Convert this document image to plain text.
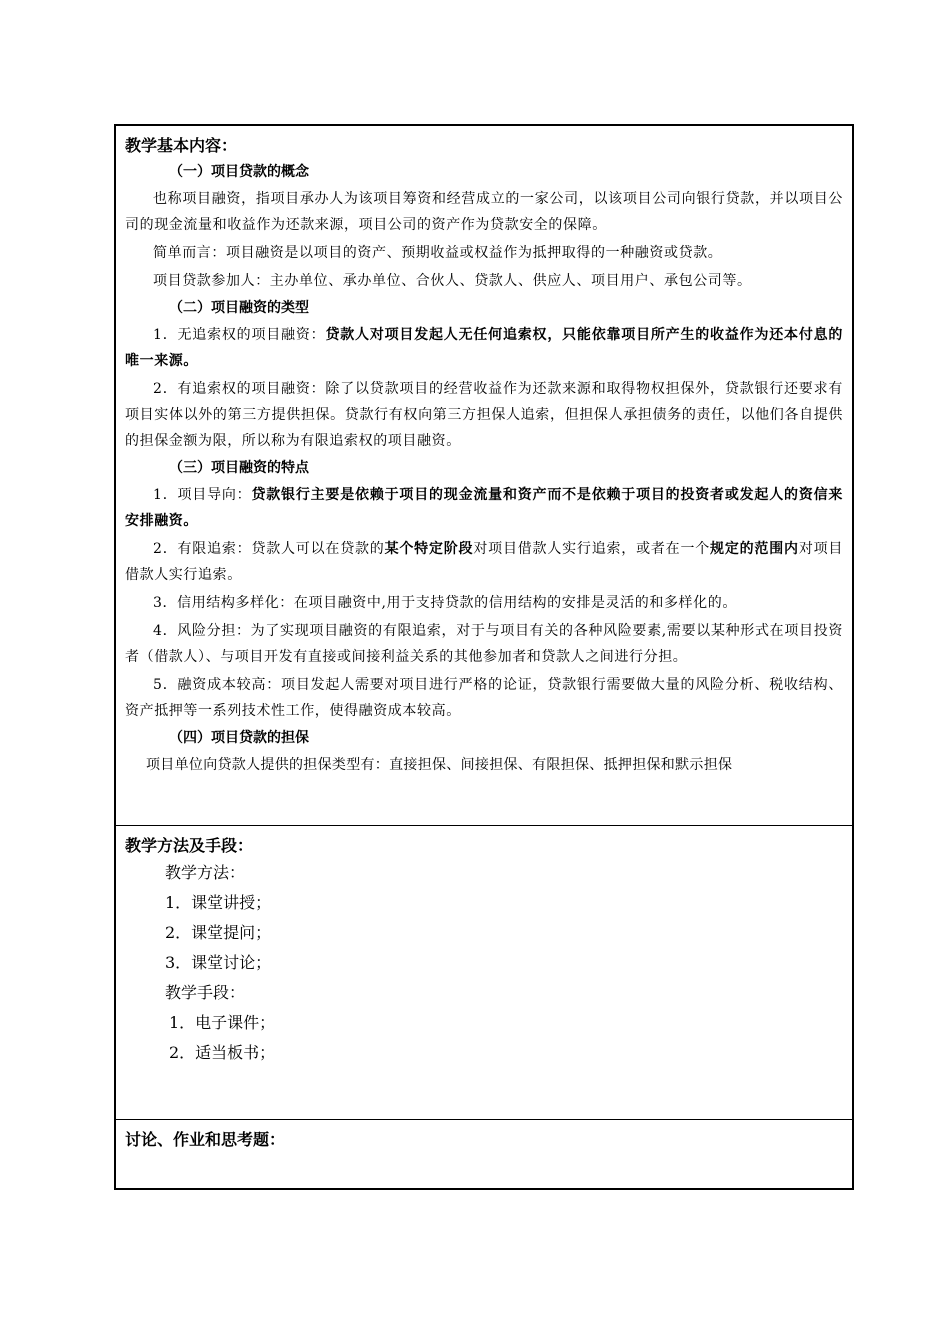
教学基本内容：
（一）项目贷款的概念

也称项目融资，指项目承办人为该项目筹资和经营成立的一家公司，以该项目公司向银行贷款，并以项目公司的现金流量和收益作为还款来源，项目公司的资产作为贷款安全的保障。

简单而言：项目融资是以项目的资产、预期收益或权益作为抵押取得的一种融资或贷款。

项目贷款参加人：主办单位、承办单位、合伙人、贷款人、供应人、项目用户、承包公司等。

（二）项目融资的类型

1．无追索权的项目融资：贷款人对项目发起人无任何追索权，只能依靠项目所产生的收益作为还本付息的唯一来源。

2．有追索权的项目融资：除了以贷款项目的经营收益作为还款来源和取得物权担保外，贷款银行还要求有项目实体以外的第三方提供担保。贷款行有权向第三方担保人追索，但担保人承担债务的责任，以他们各自提供的担保金额为限，所以称为有限追索权的项目融资。

（三）项目融资的特点

1．项目导向：贷款银行主要是依赖于项目的现金流量和资产而不是依赖于项目的投资者或发起人的资信来安排融资。

2．有限追索：贷款人可以在贷款的某个特定阶段对项目借款人实行追索，或者在一个规定的范围内对项目借款人实行追索。

3．信用结构多样化：在项目融资中,用于支持贷款的信用结构的安排是灵活的和多样化的。

4．风险分担：为了实现项目融资的有限追索，对于与项目有关的各种风险要素,需要以某种形式在项目投资者（借款人）、与项目开发有直接或间接利益关系的其他参加者和贷款人之间进行分担。

5．融资成本较高：项目发起人需要对项目进行严格的论证，贷款银行需要做大量的风险分析、税收结构、资产抵押等一系列技术性工作，使得融资成本较高。

（四）项目贷款的担保

项目单位向贷款人提供的担保类型有：直接担保、间接担保、有限担保、抵押担保和默示担保

教学方法及手段：
教学方法：
1．课堂讲授；
2．课堂提问；
3．课堂讨论；
教学手段：
1．电子课件；
2．适当板书；
讨论、作业和思考题：
